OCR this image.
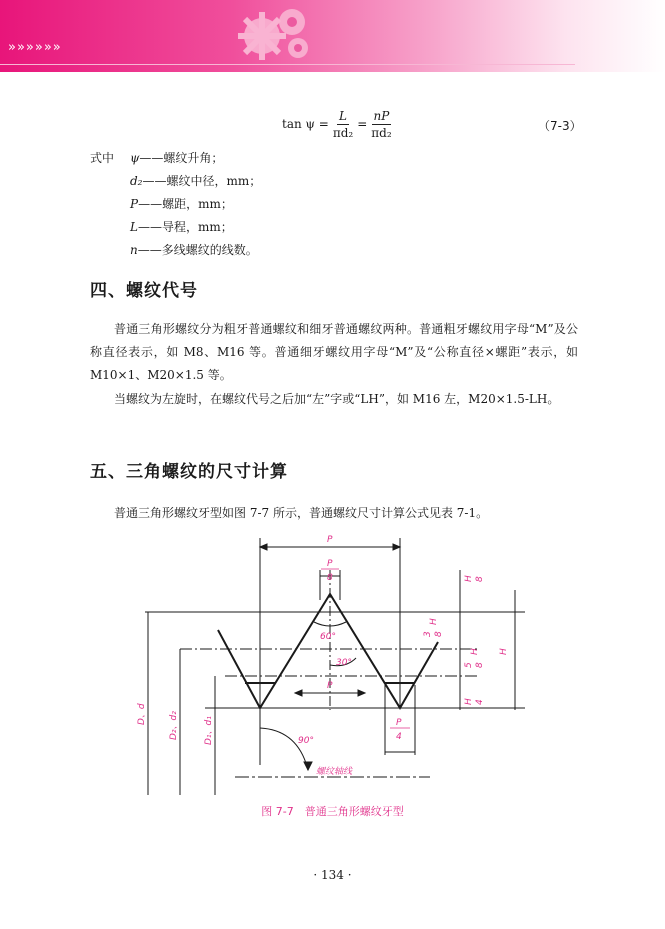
»»»»»»
$\tan \psi = \frac{L}{\text{πd₂}} = \frac{nP}{\text{πd₂}}$	（7-3）
式中	ψ ——螺纹升角；
d₂ ——螺纹中径，mm；
P ——螺距，mm；
L ——导程，mm；
n ——多线螺纹的线数。
四、螺纹代号

普通三角形螺纹分为粗牙普通螺纹和细牙普通螺纹两种。普通粗牙螺纹用字母“M”及公称直径表示，如 M8、M16 等。普通细牙螺纹用字母“M”及“公称直径×螺距”表示，如 M10×1、M20×1.5 等。

当螺纹为左旋时，在螺纹代号之后加“左”字或“LH”，如 M16 左，M20×1.5-LH。

五、三角螺纹的尺寸计算

普通三角形螺纹牙型如图 7-7 所示，普通螺纹尺寸计算公式见表 7-1。

P
P
8
60°
30°
P
P
4
90°
螺纹轴线
D、d D₂、d₂	D₁、d₁
H 8
3 8
H
5 8
H
H 4
H
图 7-7　普通三角形螺纹牙型
· 134 ·
